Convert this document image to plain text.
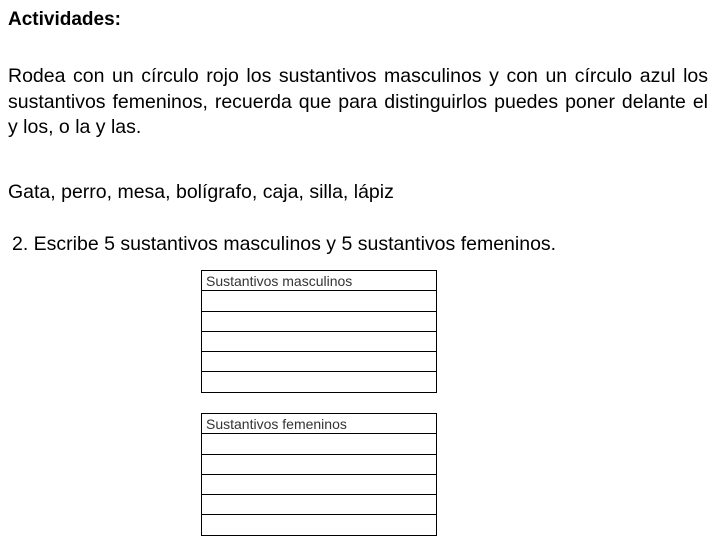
Actividades:

Rodea con un círculo rojo los sustantivos masculinos y con un círculo azul los sustantivos femeninos, recuerda que para distinguirlos puedes poner delante el y los, o la y las.

Gata, perro, mesa, bolígrafo, caja, silla, lápiz

2. Escribe 5 sustantivos masculinos y 5 sustantivos femeninos.

Sustantivos masculinos

Sustantivos femeninos
